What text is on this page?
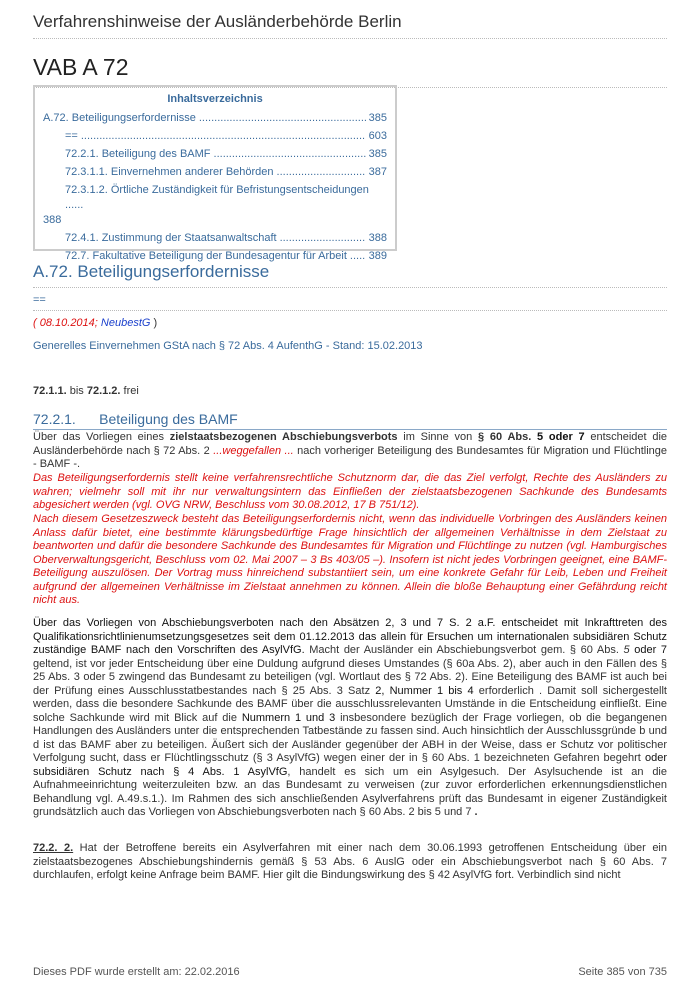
Verfahrenshinweise der Ausländerbehörde Berlin
VAB A 72
Inhaltsverzeichnis
A.72. Beteiligungserfordernisse .....	385
== .....	603
72.2.1. Beteiligung des BAMF .....	385
72.3.1.1. Einvernehmen anderer Behörden .....	387
72.3.1.2. Örtliche Zuständigkeit für Befristungsentscheidungen ......
388
72.4.1. Zustimmung der Staatsanwaltschaft .....	388
72.7. Fakultative Beteiligung der Bundesagentur für Arbeit ..... 389
A.72. Beteiligungserfordernisse
==
( 08.10.2014; NeubestG )
Generelles Einvernehmen GStA nach § 72 Abs. 4 AufenthG - Stand: 15.02.2013
72.1.1. bis 72.1.2. frei
72.2.1.      Beteiligung des BAMF
Über das Vorliegen eines zielstaatsbezogenen Abschiebungsverbots im Sinne von § 60 Abs. 5 oder 7 entscheidet die Ausländerbehörde nach § 72 Abs. 2 ...weggefallen ... nach vorheriger Beteiligung des Bundesamtes für Migration und Flüchtlinge - BAMF -.
Das Beteiligungserfordernis stellt keine verfahrensrechtliche Schutznorm dar, die das Ziel verfolgt, Rechte des Ausländers zu wahren; vielmehr soll mit ihr nur verwaltungsintern das Einfließen der zielstaatsbezogenen Sachkunde des Bundesamts abgesichert werden (vgl. OVG NRW, Beschluss vom 30.08.2012, 17 B 751/12).
Nach diesem Gesetzeszweck besteht das Beteiligungserfordernis nicht, wenn das individuelle Vorbringen des Ausländers keinen Anlass dafür bietet, eine bestimmte klärungsbedürftige Frage hinsichtlich der allgemeinen Verhältnisse in dem Zielstaat zu beantworten und dafür die besondere Sachkunde des Bundesamtes für Migration und Flüchtlinge zu nutzen (vgl. Hamburgisches Oberverwaltungsgericht, Beschluss vom 02. Mai 2007 – 3 Bs 403/05 –). Insofern ist nicht jedes Vorbringen geeignet, eine BAMF-Beteiligung auszulösen. Der Vortrag muss hinreichend substantiiert sein, um eine konkrete Gefahr für Leib, Leben und Freiheit aufgrund der allgemeinen Verhältnisse im Zielstaat annehmen zu können. Allein die bloße Behauptung einer Gefährdung reicht nicht aus.
Über das Vorliegen von Abschiebungsverboten nach den Absätzen 2, 3 und 7 S. 2 a.F. entscheidet mit Inkrafttreten des Qualifikationsrichtlinienumsetzungsgesetzes seit dem 01.12.2013 das allein für Ersuchen um internationalen subsidiären Schutz zuständige BAMF nach den Vorschriften des AsylVfG. Macht der Ausländer ein Abschiebungsverbot gem. § 60 Abs. 5 oder 7 geltend, ist vor jeder Entscheidung über eine Duldung aufgrund dieses Umstandes (§ 60a Abs. 2), aber auch in den Fällen des § 25 Abs. 3 oder 5 zwingend das Bundesamt zu beteiligen (vgl. Wortlaut des § 72 Abs. 2). Eine Beteiligung des BAMF ist auch bei der Prüfung eines Ausschlusstatbestandes nach § 25 Abs. 3 Satz 2, Nummer 1 bis 4 erforderlich . Damit soll sichergestellt werden, dass die besondere Sachkunde des BAMF über die ausschlussrelevanten Umstände in die Entscheidung einfließt. Eine solche Sachkunde wird mit Blick auf die Nummern 1 und 3 insbesondere bezüglich der Frage vorliegen, ob die begangenen Handlungen des Ausländers unter die entsprechenden Tatbestände zu fassen sind. Auch hinsichtlich der Ausschlussgründe b und d ist das BAMF aber zu beteiligen. Äußert sich der Ausländer gegenüber der ABH in der Weise, dass er Schutz vor politischer Verfolgung sucht, dass er Flüchtlingsschutz (§ 3 AsylVfG) wegen einer der in § 60 Abs. 1 bezeichneten Gefahren begehrt oder subsidiären Schutz nach § 4 Abs. 1 AsylVfG, handelt es sich um ein Asylgesuch. Der Asylsuchende ist an die Aufnahmeeinrichtung weiterzuleiten bzw. an das Bundesamt zu verweisen (zur zuvor erforderlichen erkennungsdienstlichen Behandlung vgl. A.49.s.1.). Im Rahmen des sich anschließenden Asylverfahrens prüft das Bundesamt in eigener Zuständigkeit grundsätzlich auch das Vorliegen von Abschiebungsverboten nach § 60 Abs. 2 bis 5 und 7 .
72.2. 2. Hat der Betroffene bereits ein Asylverfahren mit einer nach dem 30.06.1993 getroffenen Entscheidung über ein zielstaatsbezogenes Abschiebungshindernis gemäß § 53 Abs. 6 AuslG oder ein Abschiebungsverbot nach § 60 Abs. 7 durchlaufen, erfolgt keine Anfrage beim BAMF. Hier gilt die Bindungswirkung des § 42 AsylVfG fort. Verbindlich sind nicht
Dieses PDF wurde erstellt am: 22.02.2016	Seite 385 von 735
